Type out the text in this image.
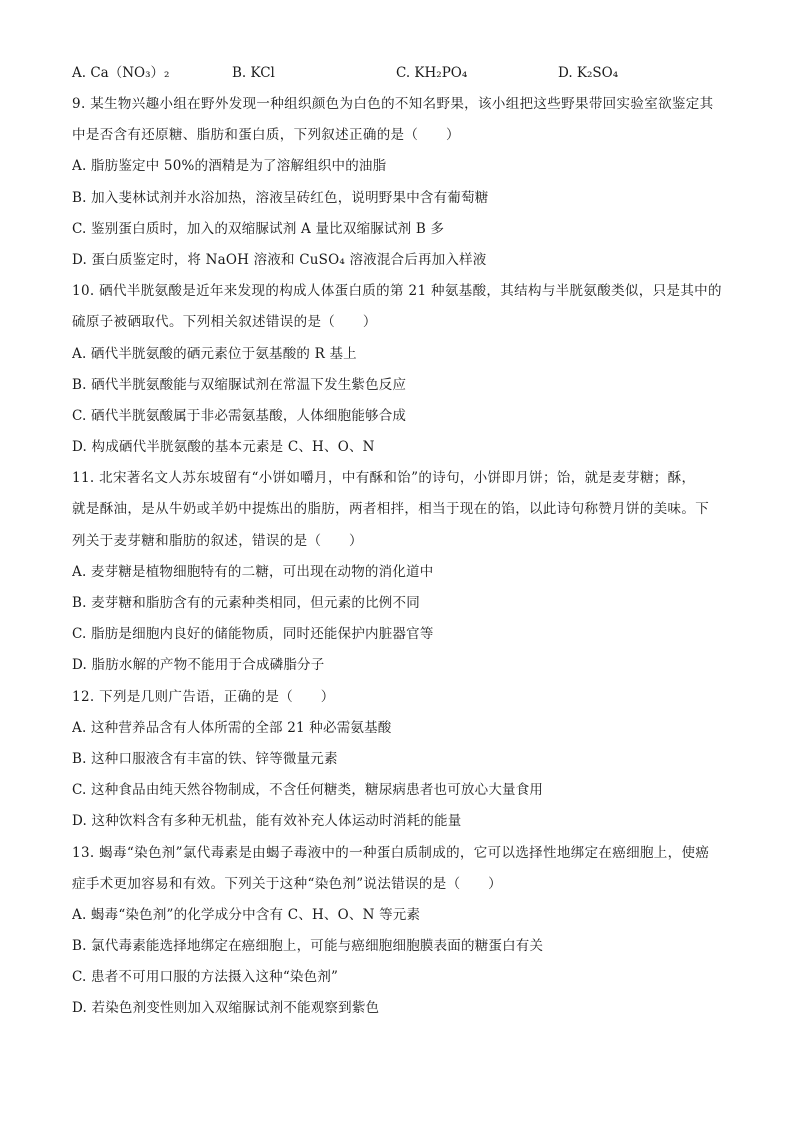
A. Ca（NO₃）₂	B. KCl	C. KH₂PO₄	D. K₂SO₄
9. 某生物兴趣小组在野外发现一种组织颜色为白色的不知名野果，该小组把这些野果带回实验室欲鉴定其
中是否含有还原糖、脂肪和蛋白质，下列叙述正确的是（　　）
A. 脂肪鉴定中 50%的酒精是为了溶解组织中的油脂
B. 加入斐林试剂并水浴加热，溶液呈砖红色，说明野果中含有葡萄糖
C. 鉴别蛋白质时，加入的双缩脲试剂 A 量比双缩脲试剂 B 多
D. 蛋白质鉴定时，将 NaOH 溶液和 CuSO₄ 溶液混合后再加入样液
10. 硒代半胱氨酸是近年来发现的构成人体蛋白质的第 21 种氨基酸，其结构与半胱氨酸类似，只是其中的
硫原子被硒取代。下列相关叙述错误的是（　　）
A. 硒代半胱氨酸的硒元素位于氨基酸的 R 基上
B. 硒代半胱氨酸能与双缩脲试剂在常温下发生紫色反应
C. 硒代半胱氨酸属于非必需氨基酸，人体细胞能够合成
D. 构成硒代半胱氨酸的基本元素是 C、H、O、N
11. 北宋著名文人苏东坡留有“小饼如嚼月，中有酥和饴”的诗句，小饼即月饼；饴，就是麦芽糖；酥，
就是酥油，是从牛奶或羊奶中提炼出的脂肪，两者相拌，相当于现在的馅，以此诗句称赞月饼的美味。下
列关于麦芽糖和脂肪的叙述，错误的是（　　）
A. 麦芽糖是植物细胞特有的二糖，可出现在动物的消化道中
B. 麦芽糖和脂肪含有的元素种类相同，但元素的比例不同
C. 脂肪是细胞内良好的储能物质，同时还能保护内脏器官等
D. 脂肪水解的产物不能用于合成磷脂分子
12. 下列是几则广告语，正确的是（　　）
A. 这种营养品含有人体所需的全部 21 种必需氨基酸
B. 这种口服液含有丰富的铁、锌等微量元素
C. 这种食品由纯天然谷物制成，不含任何糖类，糖尿病患者也可放心大量食用
D. 这种饮料含有多种无机盐，能有效补充人体运动时消耗的能量
13. 蝎毒“染色剂”氯代毒素是由蝎子毒液中的一种蛋白质制成的，它可以选择性地绑定在癌细胞上，使癌
症手术更加容易和有效。下列关于这种“染色剂”说法错误的是（　　）
A. 蝎毒“染色剂”的化学成分中含有 C、H、O、N 等元素
B. 氯代毒素能选择地绑定在癌细胞上，可能与癌细胞细胞膜表面的糖蛋白有关
C. 患者不可用口服的方法摄入这种“染色剂”
D. 若染色剂变性则加入双缩脲试剂不能观察到紫色
